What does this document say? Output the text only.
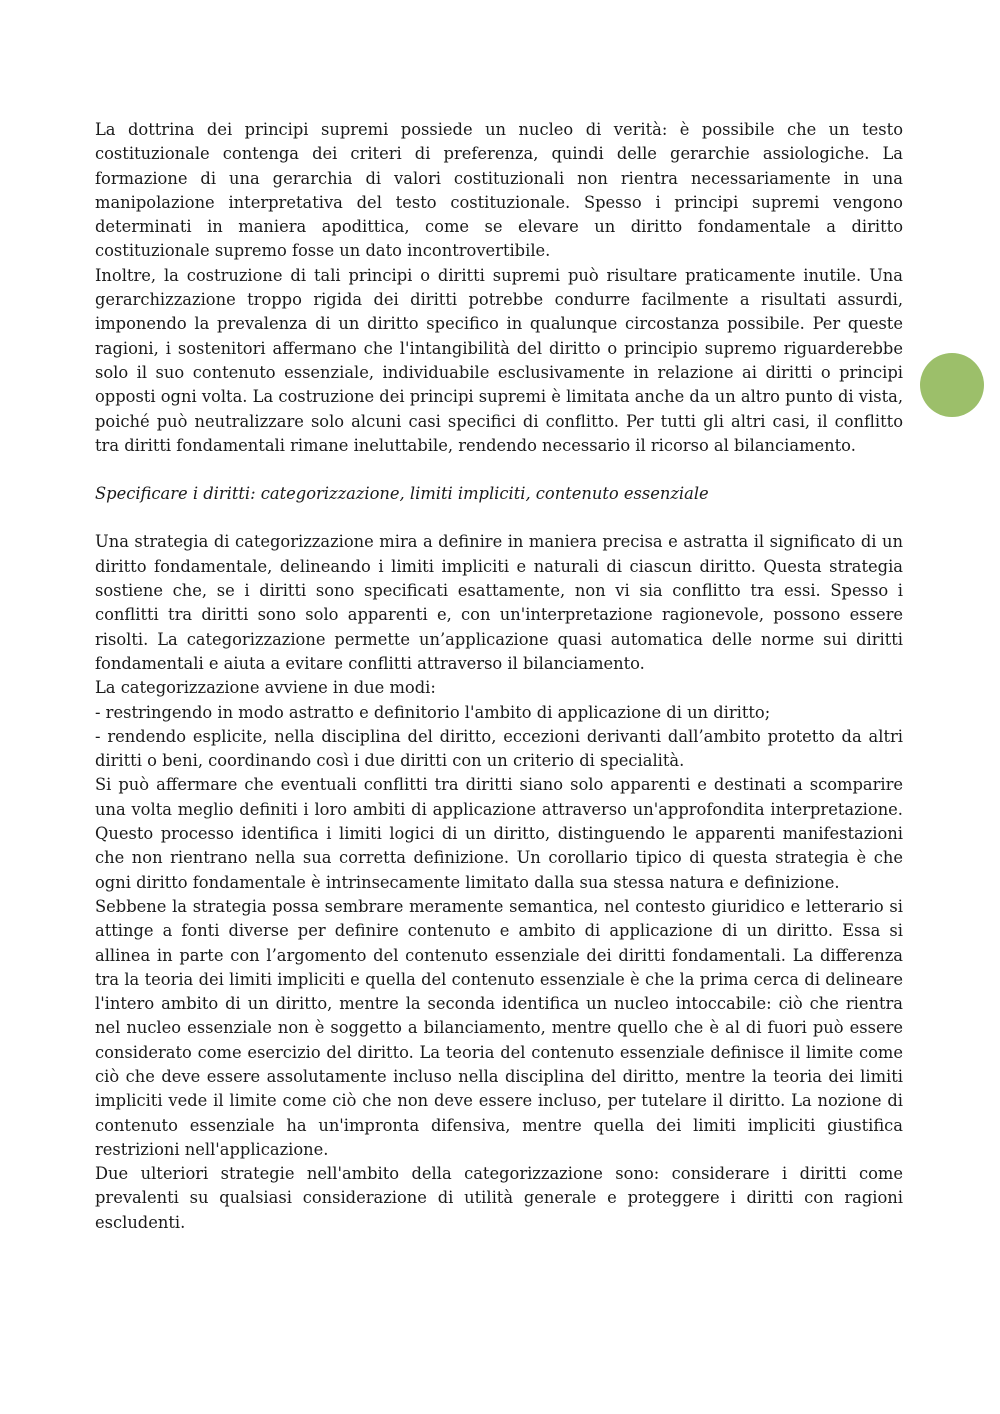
La dottrina dei principi supremi possiede un nucleo di verità: è possibile che un testo costituzionale contenga dei criteri di preferenza, quindi delle gerarchie assiologiche. La formazione di una gerarchia di valori costituzionali non rientra necessariamente in una manipolazione interpretativa del testo costituzionale. Spesso i principi supremi vengono determinati in maniera apodittica, come se elevare un diritto fondamentale a diritto costituzionale supremo fosse un dato incontrovertibile.

Inoltre, la costruzione di tali principi o diritti supremi può risultare praticamente inutile. Una gerarchizzazione troppo rigida dei diritti potrebbe condurre facilmente a risultati assurdi, imponendo la prevalenza di un diritto specifico in qualunque circostanza possibile. Per queste ragioni, i sostenitori affermano che l'intangibilità del diritto o principio supremo riguarderebbe solo il suo contenuto essenziale, individuabile esclusivamente in relazione ai diritti o principi opposti ogni volta. La costruzione dei principi supremi è limitata anche da un altro punto di vista, poiché può neutralizzare solo alcuni casi specifici di conflitto. Per tutti gli altri casi, il conflitto tra diritti fondamentali rimane ineluttabile, rendendo necessario il ricorso al bilanciamento.

Specificare i diritti: categorizzazione, limiti impliciti, contenuto essenziale

Una strategia di categorizzazione mira a definire in maniera precisa e astratta il significato di un diritto fondamentale, delineando i limiti impliciti e naturali di ciascun diritto. Questa strategia sostiene che, se i diritti sono specificati esattamente, non vi sia conflitto tra essi. Spesso i conflitti tra diritti sono solo apparenti e, con un'interpretazione ragionevole, possono essere risolti. La categorizzazione permette un’applicazione quasi automatica delle norme sui diritti fondamentali e aiuta a evitare conflitti attraverso il bilanciamento.

La categorizzazione avviene in due modi:

- restringendo in modo astratto e definitorio l'ambito di applicazione di un diritto;

- rendendo esplicite, nella disciplina del diritto, eccezioni derivanti dall’ambito protetto da altri diritti o beni, coordinando così i due diritti con un criterio di specialità.

Si può affermare che eventuali conflitti tra diritti siano solo apparenti e destinati a scomparire una volta meglio definiti i loro ambiti di applicazione attraverso un'approfondita interpretazione. Questo processo identifica i limiti logici di un diritto, distinguendo le apparenti manifestazioni che non rientrano nella sua corretta definizione. Un corollario tipico di questa strategia è che ogni diritto fondamentale è intrinsecamente limitato dalla sua stessa natura e definizione.

Sebbene la strategia possa sembrare meramente semantica, nel contesto giuridico e letterario si attinge a fonti diverse per definire contenuto e ambito di applicazione di un diritto. Essa si allinea in parte con l’argomento del contenuto essenziale dei diritti fondamentali. La differenza tra la teoria dei limiti impliciti e quella del contenuto essenziale è che la prima cerca di delineare l'intero ambito di un diritto, mentre la seconda identifica un nucleo intoccabile: ciò che rientra nel nucleo essenziale non è soggetto a bilanciamento, mentre quello che è al di fuori può essere considerato come esercizio del diritto. La teoria del contenuto essenziale definisce il limite come ciò che deve essere assolutamente incluso nella disciplina del diritto, mentre la teoria dei limiti impliciti vede il limite come ciò che non deve essere incluso, per tutelare il diritto. La nozione di contenuto essenziale ha un'impronta difensiva, mentre quella dei limiti impliciti giustifica restrizioni nell'applicazione.

Due ulteriori strategie nell'ambito della categorizzazione sono: considerare i diritti come prevalenti su qualsiasi considerazione di utilità generale e proteggere i diritti con ragioni escludenti.
